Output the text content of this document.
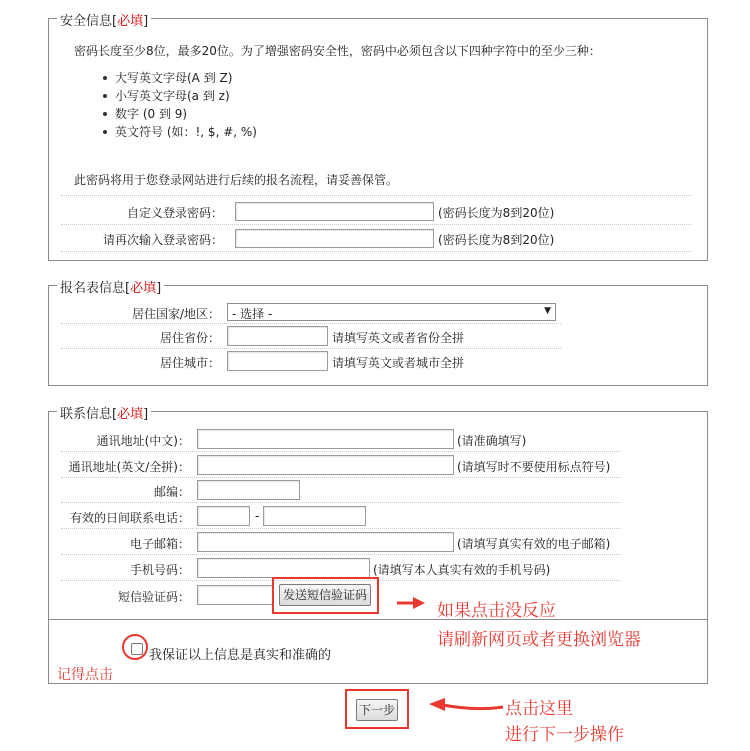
安全信息[必填]
密码长度至少8位，最多20位。为了增强密码安全性，密码中必须包含以下四种字符中的至少三种：
大写英文字母(A 到 Z)
小写英文字母(a 到 z)
数字 (0 到 9)
英文符号 (如：!, $, #, %)
此密码将用于您登录网站进行后续的报名流程，请妥善保管。
自定义登录密码：	(密码长度为8到20位)
请再次输入登录密码：	(密码长度为8到20位)
报名表信息[必填]
居住国家/地区：	- 选择 -	▼
居住省份：	请填写英文或者省份全拼
居住城市：	请填写英文或者城市全拼
联系信息[必填]
通讯地址(中文)：	(请准确填写)
通讯地址(英文/全拼)：	(请填写时不要使用标点符号)
邮编：
有效的日间联系电话：	-
电子邮箱：	(请填写真实有效的电子邮箱)
手机号码：	(请填写本人真实有效的手机号码)
短信验证码：	发送短信验证码
我保证以上信息是真实和准确的
记得点击
下一步
如果点击没反应
请刷新网页或者更换浏览器
点击这里
进行下一步操作
